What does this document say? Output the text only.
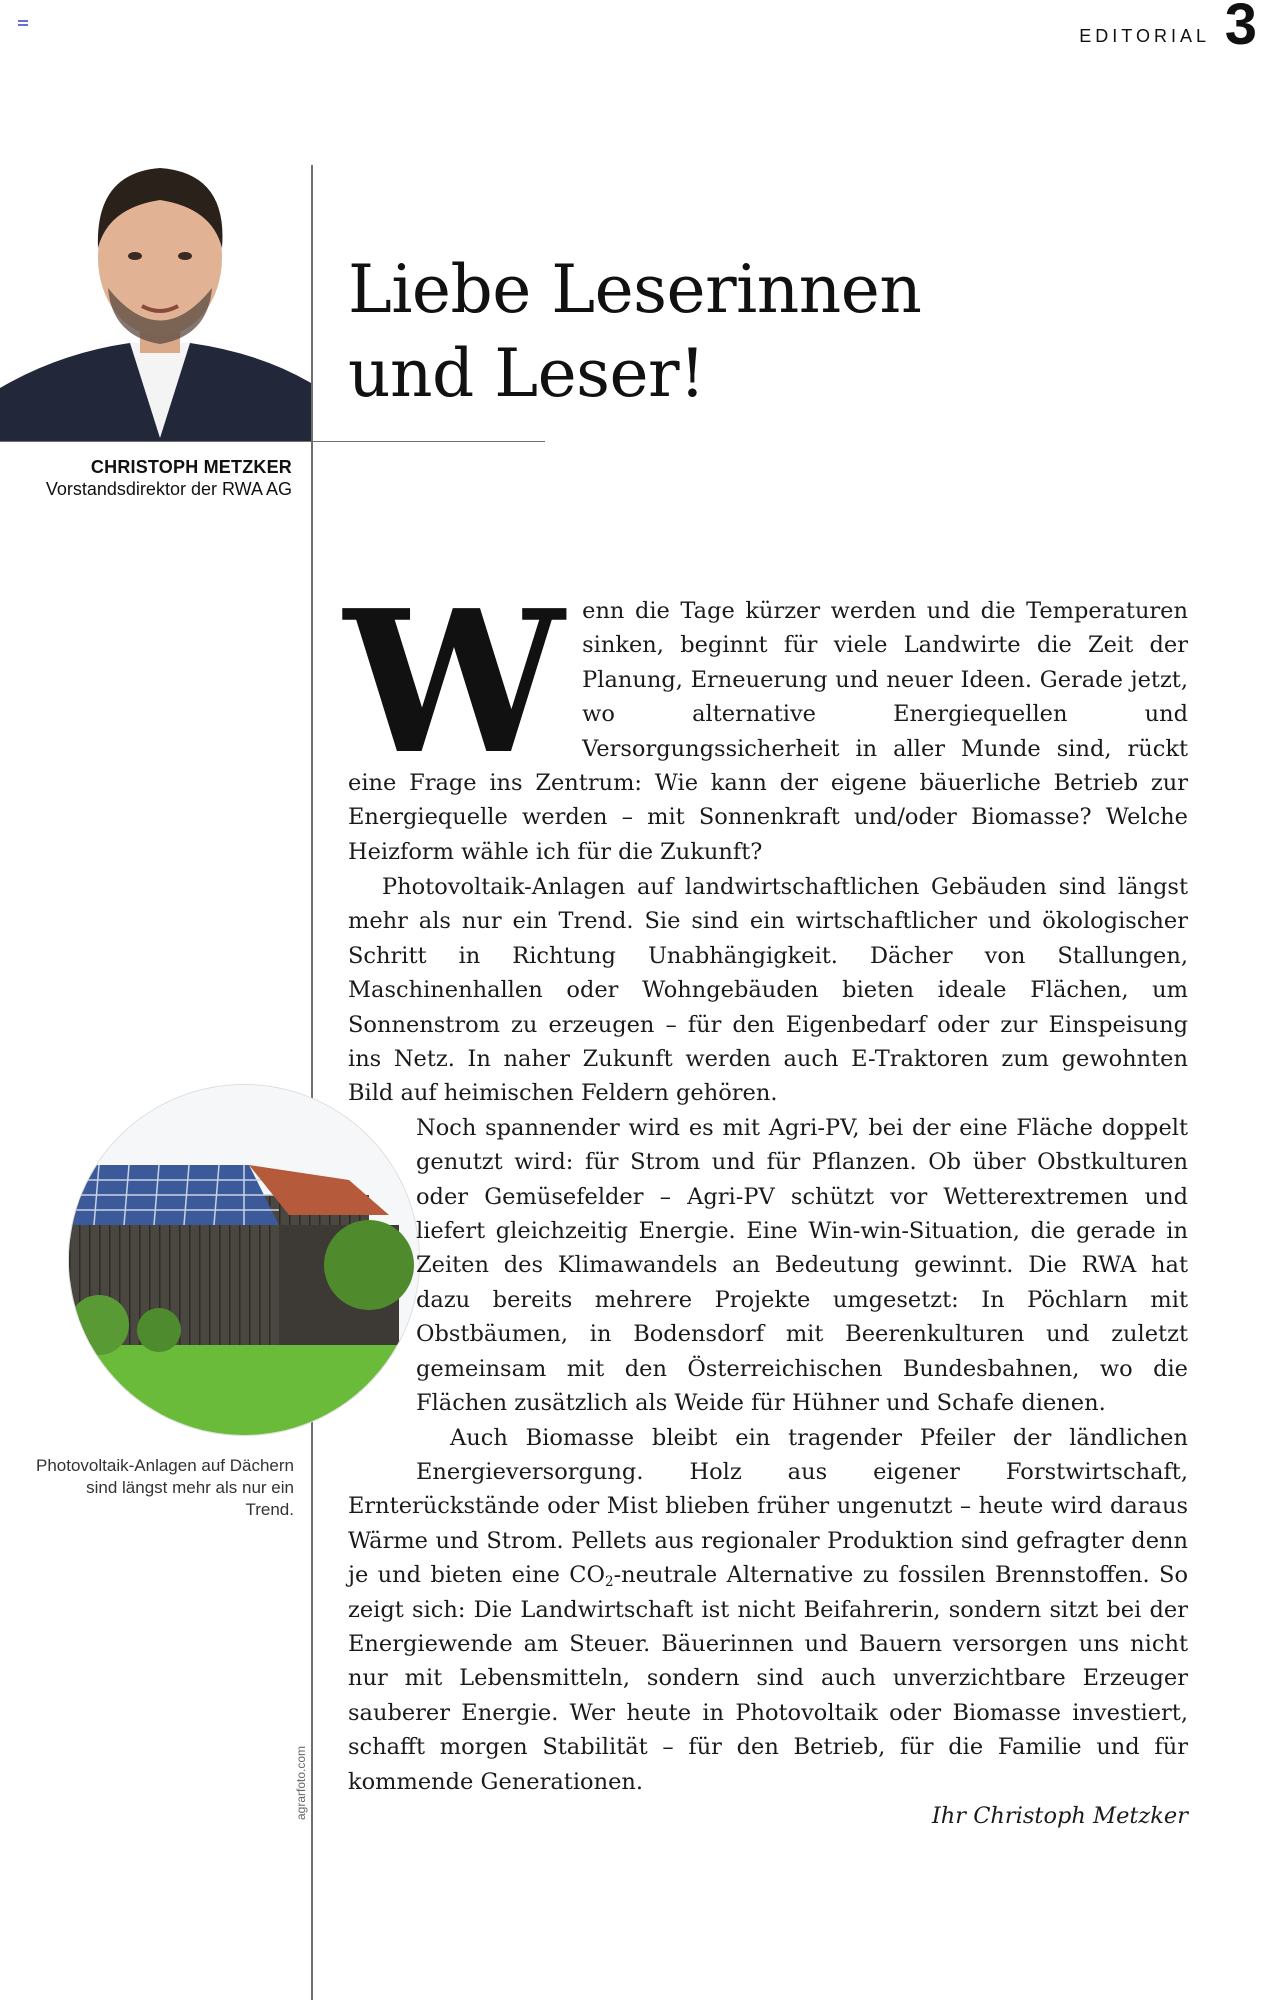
EDITORIAL 3
CHRISTOPH METZKER
Vorstandsdirektor der RWA AG
Liebe Leserinnen
und Leser!

Wenn die Tage kürzer werden und die Temperaturen sinken, beginnt für viele Landwirte die Zeit der Planung, Erneuerung und neuer Ideen. Gerade jetzt, wo alternative Energiequellen und Versorgungssicherheit in aller Munde sind, rückt eine Frage ins Zentrum: Wie kann der eigene bäuerliche Betrieb zur Energiequelle werden – mit Sonnenkraft und/oder Biomasse? Welche Heizform wähle ich für die Zukunft?

Photovoltaik-Anlagen auf Dächern sind längst mehr als nur ein Trend.
agrarfoto.com

Photovoltaik-Anlagen auf landwirtschaftlichen Gebäuden sind längst mehr als nur ein Trend. Sie sind ein wirtschaftlicher und ökologischer Schritt in Richtung Unabhängigkeit. Dächer von Stallungen, Maschinenhallen oder Wohngebäuden bieten ideale Flächen, um Sonnenstrom zu erzeugen – für den Eigenbedarf oder zur Einspeisung ins Netz. In naher Zukunft werden auch E-Traktoren zum gewohnten Bild auf heimischen Feldern gehören.

Noch spannender wird es mit Agri-PV, bei der eine Fläche doppelt genutzt wird: für Strom und für Pflanzen. Ob über Obstkulturen oder Gemüsefelder – Agri-PV schützt vor Wetterextremen und liefert gleichzeitig Energie. Eine Win-win-Situation, die gerade in Zeiten des Klimawandels an Bedeutung gewinnt. Die RWA hat dazu bereits mehrere Projekte umgesetzt: In Pöchlarn mit Obstbäumen, in Bodensdorf mit Beerenkulturen und zuletzt gemeinsam mit den Österreichischen Bundesbahnen, wo die Flächen zusätzlich als Weide für Hühner und Schafe dienen.

Auch Biomasse bleibt ein tragender Pfeiler der ländlichen Energieversorgung. Holz aus eigener Forstwirtschaft, Ernterückstände oder Mist blieben früher ungenutzt – heute wird daraus Wärme und Strom. Pellets aus regionaler Produktion sind gefragter denn je und bieten eine $CO_2$-neutrale Alternative zu fossilen Brennstoffen. So zeigt sich: Die Landwirtschaft ist nicht Beifahrerin, sondern sitzt bei der Energiewende am Steuer. Bäuerinnen und Bauern versorgen uns nicht nur mit Lebensmitteln, sondern sind auch unverzichtbare Erzeuger sauberer Energie. Wer heute in Photovoltaik oder Biomasse investiert, schafft morgen Stabilität – für den Betrieb, für die Familie und für kommende Generationen.

Ihr Christoph Metzker
